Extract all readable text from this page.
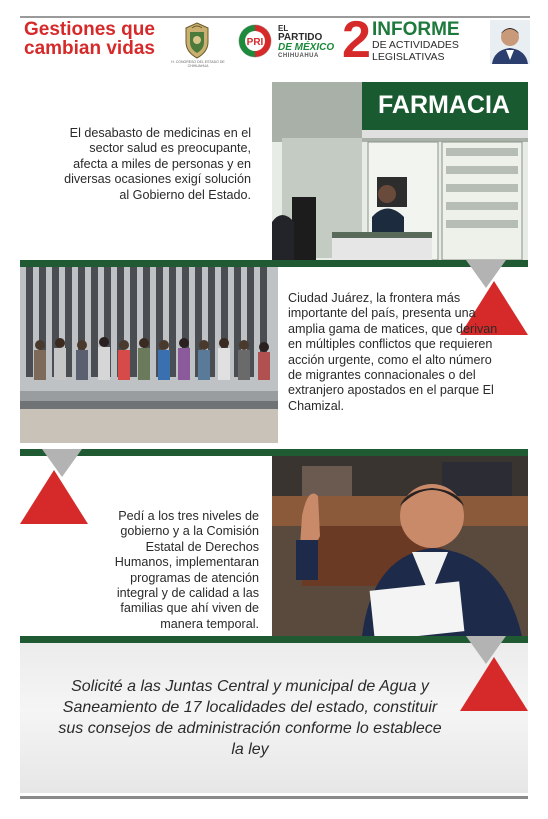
Gestiones que
cambian vidas
H. CONGRESO DEL ESTADO DE CHIHUAHUA
PRI
EL
PARTIDO
DE MÉXICO
CHIHUAHUA 2 INFORME
DE ACTIVIDADES
LEGISLATIVAS
El desabasto de medicinas en el sector salud es preocupante, afecta a miles de personas y en diversas ocasiones exigí solución al Gobierno del Estado.
FARMACIA
Ciudad Juárez, la frontera más importante del país, presenta una amplia gama de matices, que derivan en múltiples conflictos que requieren acción urgente, como el alto número de migrantes connacionales o del extranjero apostados en el parque El Chamizal.
Pedí a los tres niveles de gobierno y a la Comisión Estatal de Derechos Humanos, implementaran programas de atención integral y de calidad a las familias que ahí viven de manera temporal.
Solicité a las Juntas Central y municipal de Agua y Saneamiento de 17 localidades del estado, constituir sus consejos de administración conforme lo establece la ley
